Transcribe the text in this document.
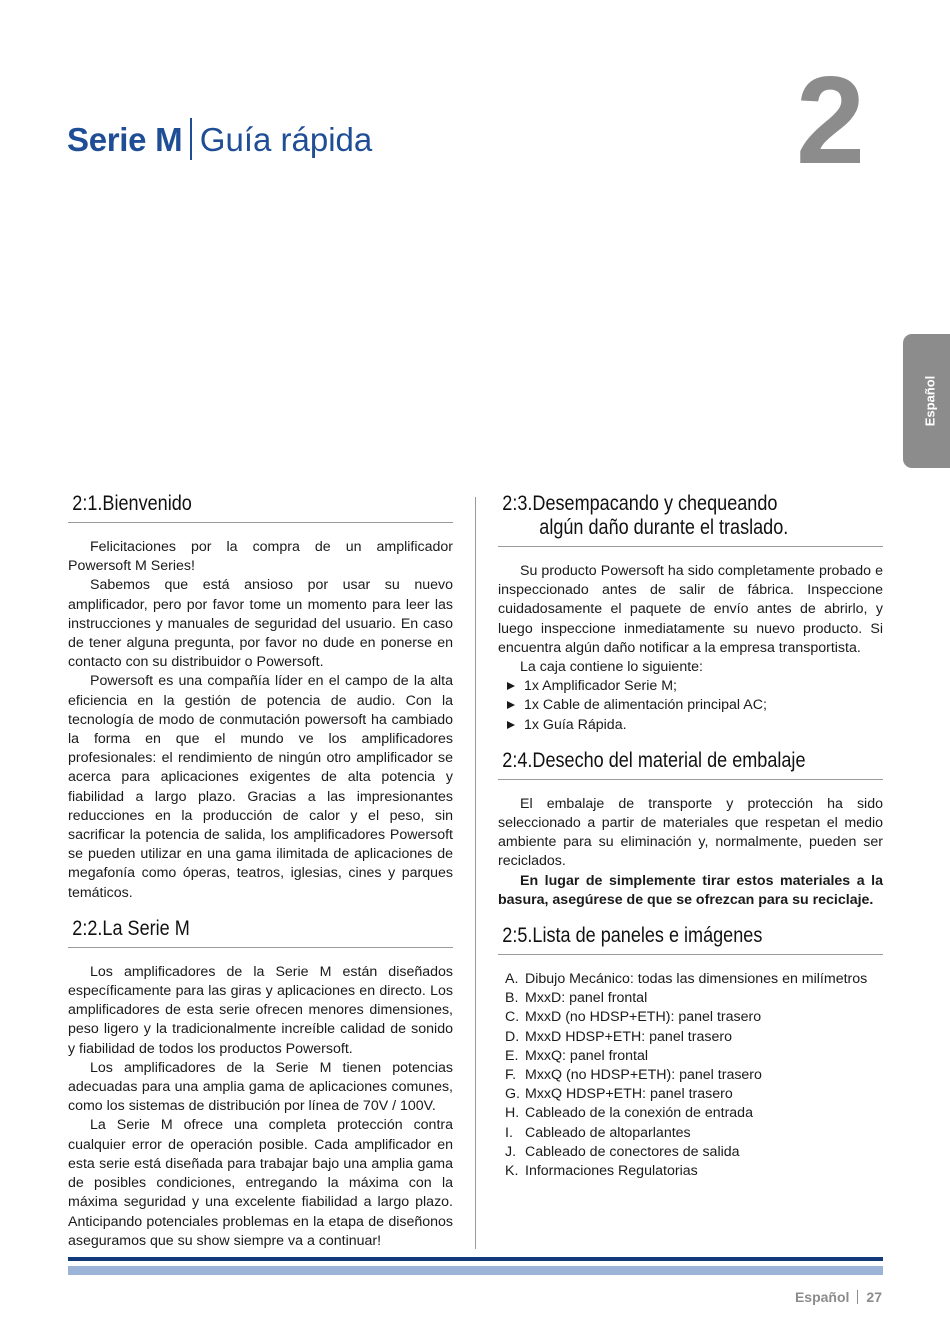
Serie M Guía rápida	2
Español
2:1.Bienvenido

Felicitaciones por la compra de un amplificador Powersoft M Series!

Sabemos que está ansioso por usar su nuevo amplificador, pero por favor tome un momento para leer las instrucciones y manuales de seguridad del usuario. En caso de tener alguna pregunta, por favor no dude en ponerse en contacto con su distribuidor o Powersoft.

Powersoft es una compañía líder en el campo de la alta eficiencia en la gestión de potencia de audio. Con la tecnología de modo de conmutación powersoft ha cambiado la forma en que el mundo ve los amplificadores profesionales: el rendimiento de ningún otro amplificador se acerca para aplicaciones exigentes de alta potencia y fiabilidad a largo plazo. Gracias a las impresionantes reducciones en la producción de calor y el peso, sin sacrificar la potencia de salida, los amplificadores Powersoft se pueden utilizar en una gama ilimitada de aplicaciones de megafonía como óperas, teatros, iglesias, cines y parques temáticos.

2:2.La Serie M

Los amplificadores de la Serie M están diseñados específicamente para las giras y aplicaciones en directo. Los amplificadores de esta serie ofrecen menores dimensiones, peso ligero y la tradicionalmente increíble calidad de sonido y fiabilidad de todos los productos Powersoft.

Los amplificadores de la Serie M tienen potencias adecuadas para una amplia gama de aplicaciones comunes, como los sistemas de distribución por línea de 70V / 100V.

La Serie M ofrece una completa protección contra cualquier error de operación posible. Cada amplificador en esta serie está diseñada para trabajar bajo una amplia gama de posibles condiciones, entregando la máxima con la máxima seguridad y una excelente fiabilidad a largo plazo. Anticipando potenciales problemas en la etapa de diseñonos aseguramos que su show siempre va a continuar!

2:3.Desempacando y chequeando
algún daño durante el traslado.

Su producto Powersoft ha sido completamente probado e inspeccionado antes de salir de fábrica. Inspeccione cuidadosamente el paquete de envío antes de abrirlo, y luego inspeccione inmediatamente su nuevo producto. Si encuentra algún daño notificar a la empresa transportista.

La caja contiene lo siguiente:

1x Amplificador Serie M;
1x Cable de alimentación principal AC;
1x Guía Rápida.
2:4.Desecho del material de embalaje

El embalaje de transporte y protección ha sido seleccionado a partir de materiales que respetan el medio ambiente para su eliminación y, normalmente, pueden ser reciclados.

En lugar de simplemente tirar estos materiales a la basura, asegúrese de que se ofrezcan para su reciclaje.

2:5.Lista de paneles e imágenes
A. Dibujo Mecánico: todas las dimensiones en milímetros
B. MxxD: panel frontal
C. MxxD (no HDSP+ETH): panel trasero
D. MxxD HDSP+ETH: panel trasero
E. MxxQ: panel frontal
F. MxxQ (no HDSP+ETH): panel trasero
G. MxxQ HDSP+ETH: panel trasero
H. Cableado de la conexión de entrada
I. Cableado de altoparlantes
J. Cableado de conectores de salida
K. Informaciones Regulatorias
Español 27
